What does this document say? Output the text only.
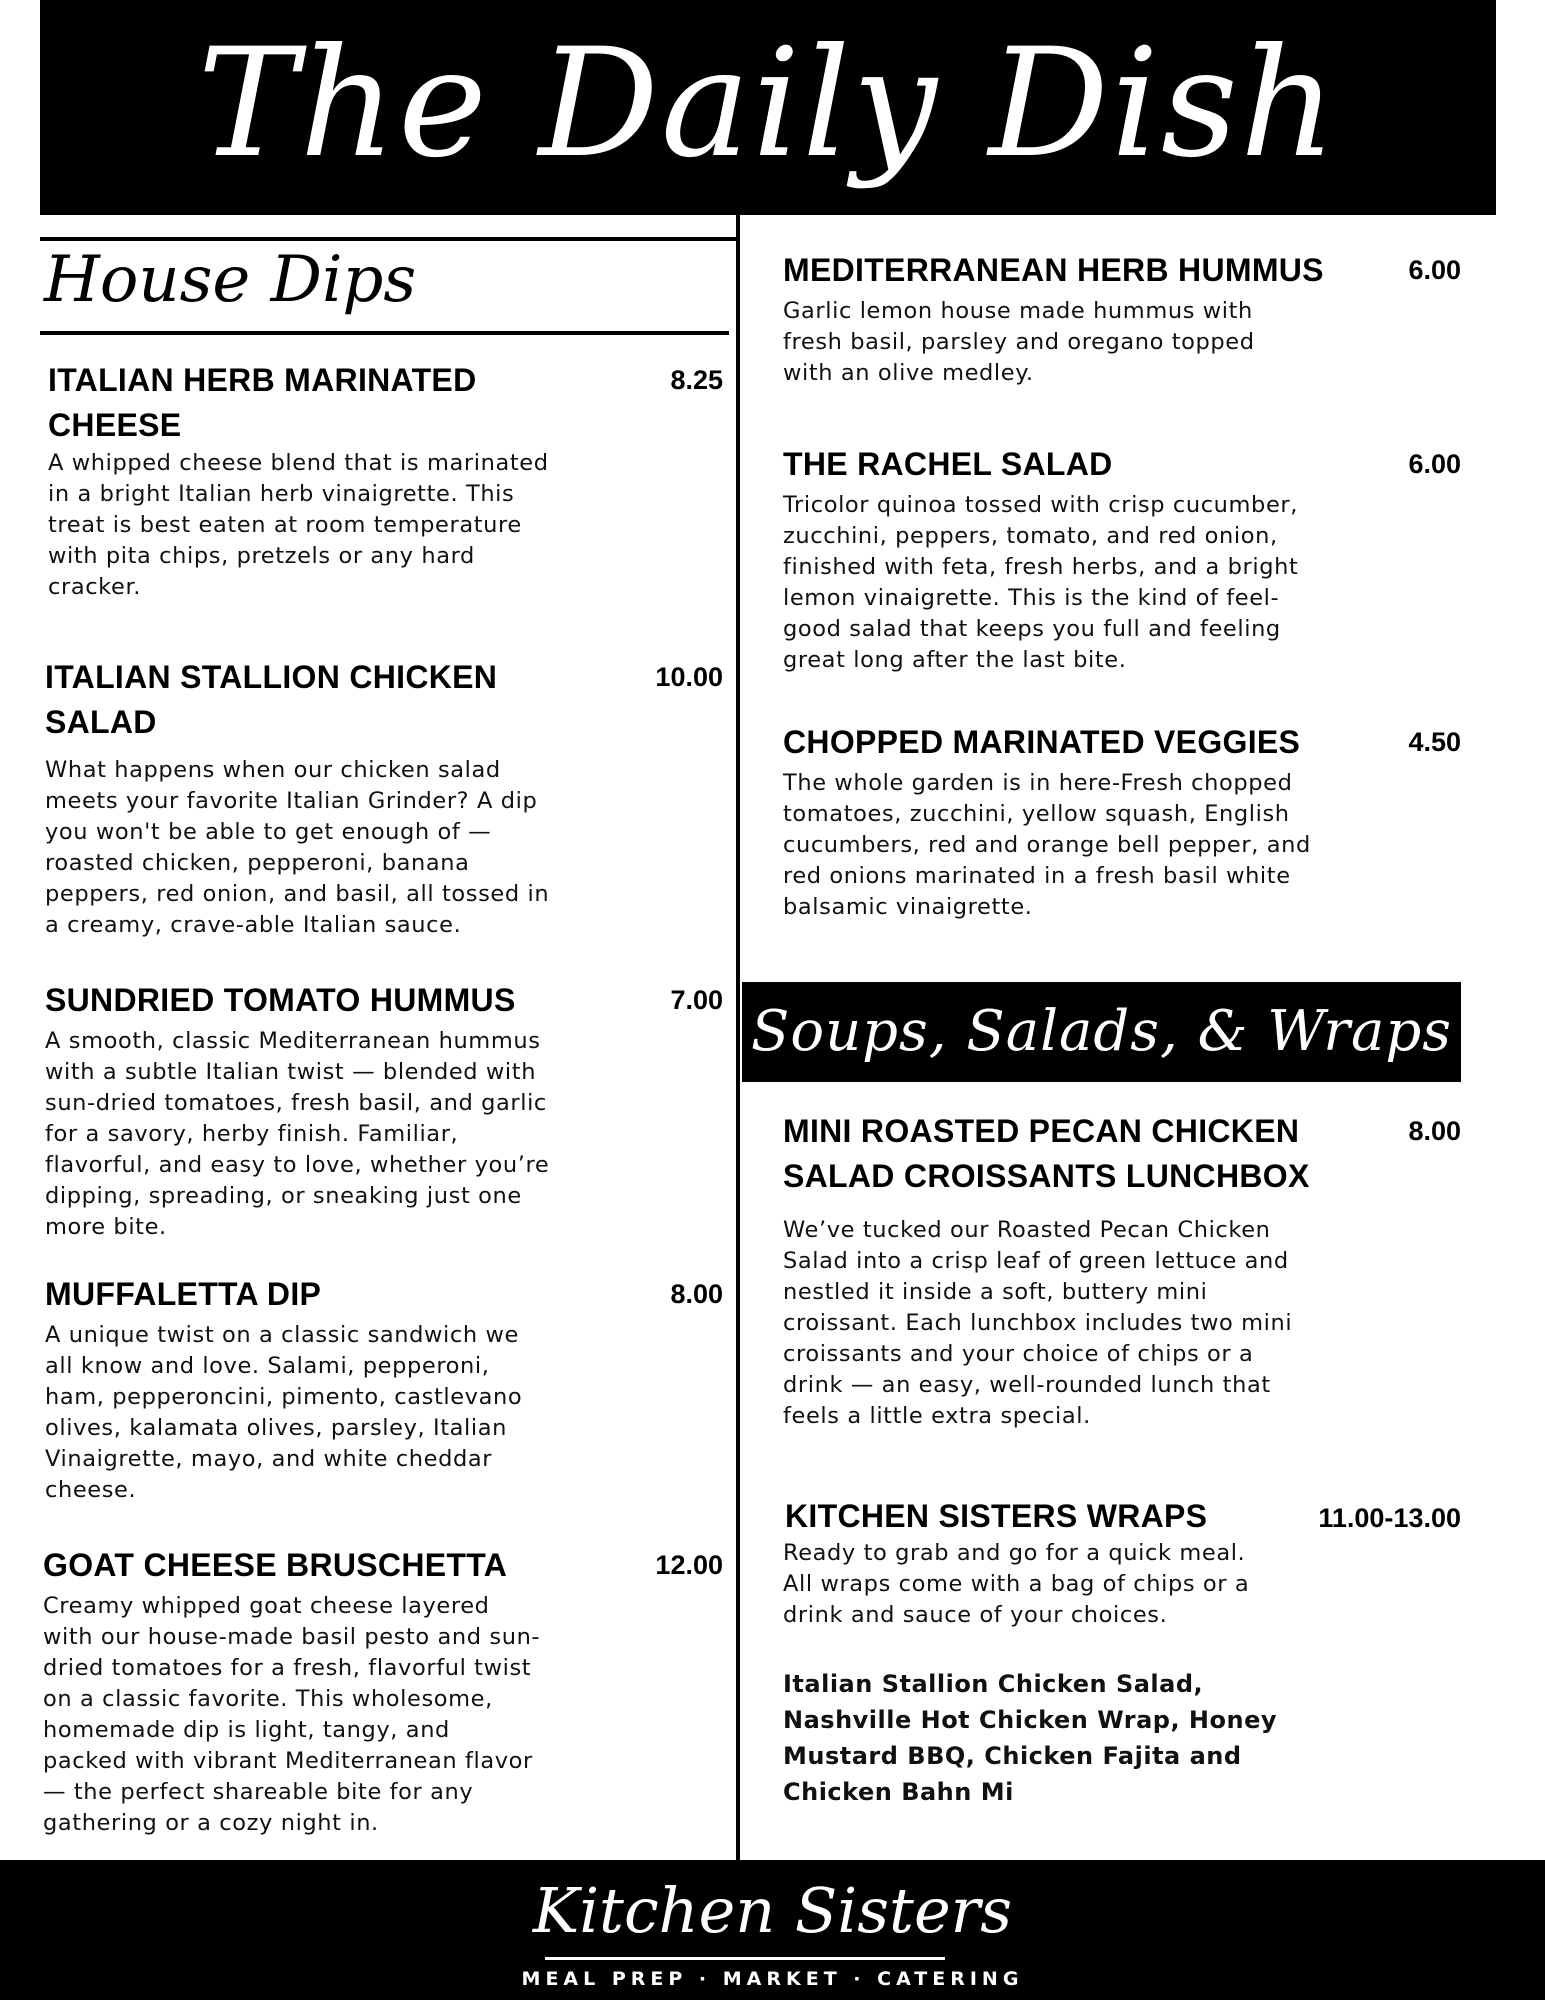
The Daily Dish
House Dips
ITALIAN HERB MARINATED
CHEESE
8.25
A whipped cheese blend that is marinated
in a bright Italian herb vinaigrette. This
treat is best eaten at room temperature
with pita chips, pretzels or any hard
cracker.
ITALIAN STALLION CHICKEN
SALAD
10.00
What happens when our chicken salad
meets your favorite Italian Grinder? A dip
you won't be able to get enough of —
roasted chicken, pepperoni, banana
peppers, red onion, and basil, all tossed in
a creamy, crave-able Italian sauce.
SUNDRIED TOMATO HUMMUS	7.00
A smooth, classic Mediterranean hummus
with a subtle Italian twist — blended with
sun-dried tomatoes, fresh basil, and garlic
for a savory, herby finish. Familiar,
flavorful, and easy to love, whether you’re
dipping, spreading, or sneaking just one
more bite.
MUFFALETTA DIP	8.00
A unique twist on a classic sandwich we
all know and love. Salami, pepperoni,
ham, pepperoncini, pimento, castlevano
olives, kalamata olives, parsley, Italian
Vinaigrette, mayo, and white cheddar
cheese.
GOAT CHEESE BRUSCHETTA	12.00
Creamy whipped goat cheese layered
with our house-made basil pesto and sun-
dried tomatoes for a fresh, flavorful twist
on a classic favorite. This wholesome,
homemade dip is light, tangy, and
packed with vibrant Mediterranean flavor
— the perfect shareable bite for any
gathering or a cozy night in.
MEDITERRANEAN HERB HUMMUS	6.00
Garlic lemon house made hummus with
fresh basil, parsley and oregano topped
with an olive medley.
THE RACHEL SALAD	6.00
Tricolor quinoa tossed with crisp cucumber,
zucchini, peppers, tomato, and red onion,
finished with feta, fresh herbs, and a bright
lemon vinaigrette. This is the kind of feel-
good salad that keeps you full and feeling
great long after the last bite.
CHOPPED MARINATED VEGGIES	4.50
The whole garden is in here-Fresh chopped
tomatoes, zucchini, yellow squash, English
cucumbers, red and orange bell pepper, and
red onions marinated in a fresh basil white
balsamic vinaigrette.
Soups, Salads, & Wraps
MINI ROASTED PECAN CHICKEN
SALAD CROISSANTS LUNCHBOX
8.00
We’ve tucked our Roasted Pecan Chicken
Salad into a crisp leaf of green lettuce and
nestled it inside a soft, buttery mini
croissant. Each lunchbox includes two mini
croissants and your choice of chips or a
drink — an easy, well-rounded lunch that
feels a little extra special.
KITCHEN SISTERS WRAPS	11.00-13.00
Ready to grab and go for a quick meal.
All wraps come with a bag of chips or a
drink and sauce of your choices.
Italian Stallion Chicken Salad,
Nashville Hot Chicken Wrap, Honey
Mustard BBQ, Chicken Fajita and
Chicken Bahn Mi
Kitchen Sisters
MEAL PREP · MARKET · CATERING
